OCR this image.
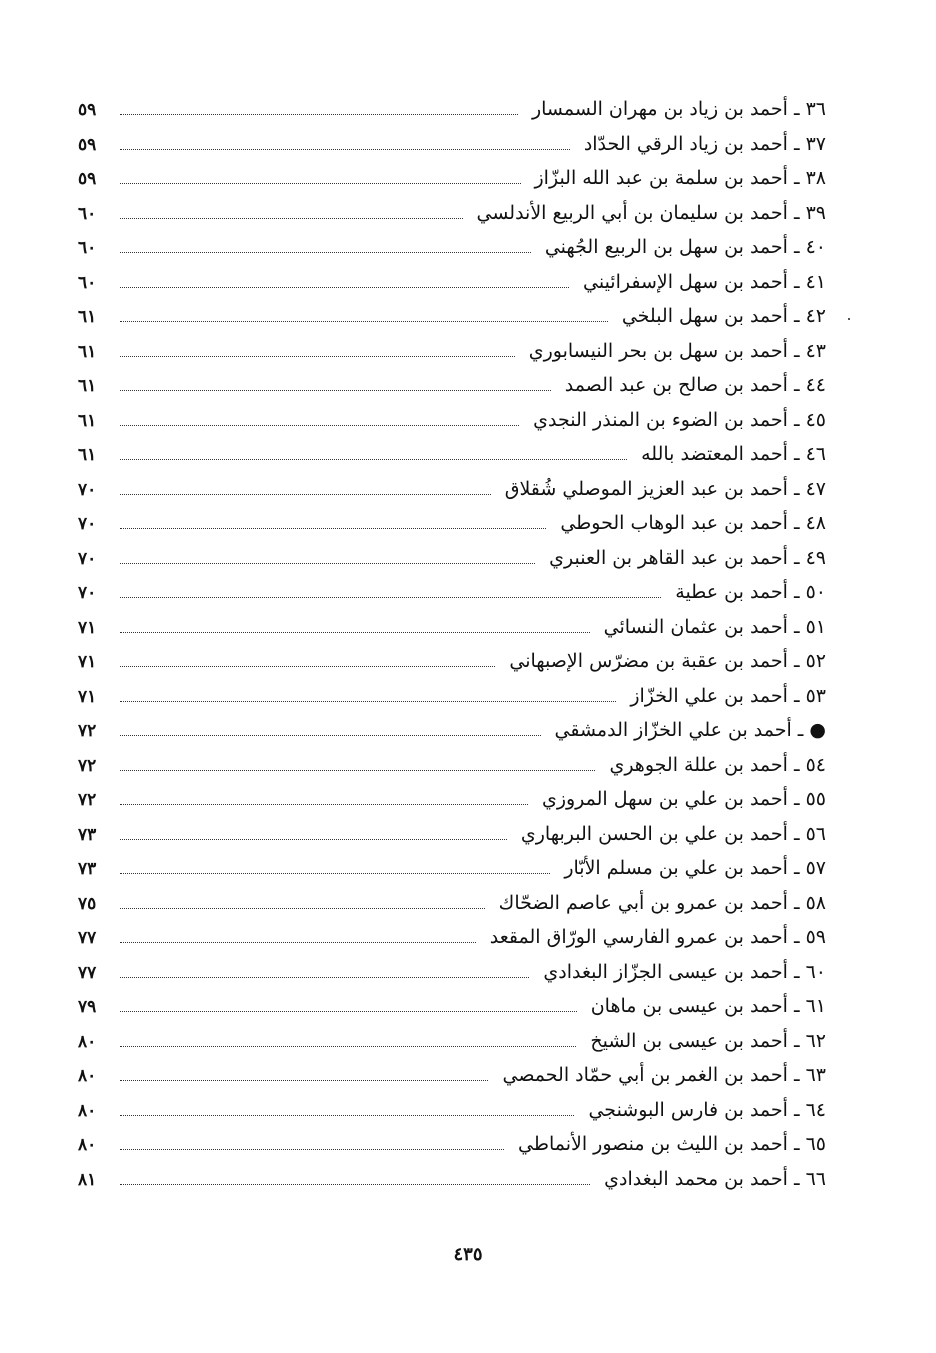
٣٦ ـ أحمد بن زياد بن مهران السمسار
٥٩
٣٧ ـ أحمد بن زياد الرقي الحدّاد
٥٩
٣٨ ـ أحمد بن سلمة بن عبد الله البزّاز
٥٩
٣٩ ـ أحمد بن سليمان بن أبي الربيع الأندلسي
٦٠
٤٠ ـ أحمد بن سهل بن الربيع الجُهني
٦٠
٤١ ـ أحمد بن سهل الإسفرائيني
٦٠
٤٢ ـ أحمد بن سهل البلخي
٦١
٤٣ ـ أحمد بن سهل بن بحر النيسابوري
٦١
٤٤ ـ أحمد بن صالح بن عبد الصمد
٦١
٤٥ ـ أحمد بن الضوء بن المنذر النجدي
٦١
٤٦ ـ أحمد المعتضد بالله
٦١
٤٧ ـ أحمد بن عبد العزيز الموصلي شُقلاق
٧٠
٤٨ ـ أحمد بن عبد الوهاب الحوطي
٧٠
٤٩ ـ أحمد بن عبد القاهر بن العنبري
٧٠
٥٠ ـ أحمد بن عطية
٧٠
٥١ ـ أحمد بن عثمان النسائي
٧١
٥٢ ـ أحمد بن عقبة بن مضرّس الإصبهاني
٧١
٥٣ ـ أحمد بن علي الخزّاز
٧١
● ـ أحمد بن علي الخزّاز الدمشقي
٧٢
٥٤ ـ أحمد بن عللة الجوهري
٧٢
٥٥ ـ أحمد بن علي بن سهل المروزي
٧٢
٥٦ ـ أحمد بن علي بن الحسن البربهاري
٧٣
٥٧ ـ أحمد بن علي بن مسلم الأبّار
٧٣
٥٨ ـ أحمد بن عمرو بن أبي عاصم الضحّاك
٧٥
٥٩ ـ أحمد بن عمرو الفارسي الورّاق المقعد
٧٧
٦٠ ـ أحمد بن عيسى الجزّاز البغدادي
٧٧
٦١ ـ أحمد بن عيسى بن ماهان
٧٩
٦٢ ـ أحمد بن عيسى بن الشيخ
٨٠
٦٣ ـ أحمد بن الغمر بن أبي حمّاد الحمصي
٨٠
٦٤ ـ أحمد بن فارس البوشنجي
٨٠
٦٥ ـ أحمد بن الليث بن منصور الأنماطي
٨٠
٦٦ ـ أحمد بن محمد البغدادي
٨١
٤٣٥
